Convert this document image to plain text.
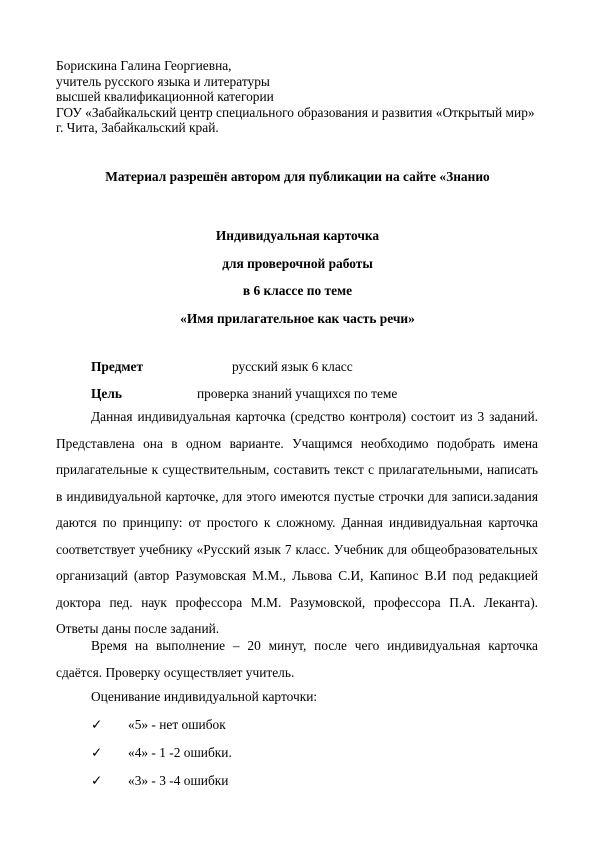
Борискина Галина Георгиевна,
учитель русского языка и литературы
высшей квалификационной категории
ГОУ «Забайкальский центр специального образования и развития «Открытый мир»
г. Чита, Забайкальский край.
Материал разрешён автором для публикации на сайте «Знанио
Индивидуальная карточка
для проверочной работы
в 6 классе по теме
«Имя прилагательное как часть речи»
Предмет	русский язык 6 класс
Цель	проверка знаний учащихся по теме
Данная индивидуальная карточка (средство контроля) состоит из 3 заданий. Представлена она в одном варианте. Учащимся необходимо подобрать имена прилагательные к существительным, составить текст с прилагательными, написать в индивидуальной карточке, для этого имеются пустые строчки для записи.задания даются по принципу: от простого к сложному. Данная индивидуальная карточка соответствует учебнику «Русский язык 7 класс. Учебник для общеобразовательных организаций (автор Разумовская М.М., Львова С.И, Капинос В.И под редакцией доктора пед. наук профессора М.М. Разумовской, профессора П.А. Леканта). Ответы даны после заданий.
Время на выполнение – 20 минут, после чего индивидуальная карточка сдаётся. Проверку осуществляет учитель.
Оценивание индивидуальной карточки:
✓ «5» - нет ошибок
✓ «4» - 1 -2 ошибки.
✓ «3» - 3 -4 ошибки
